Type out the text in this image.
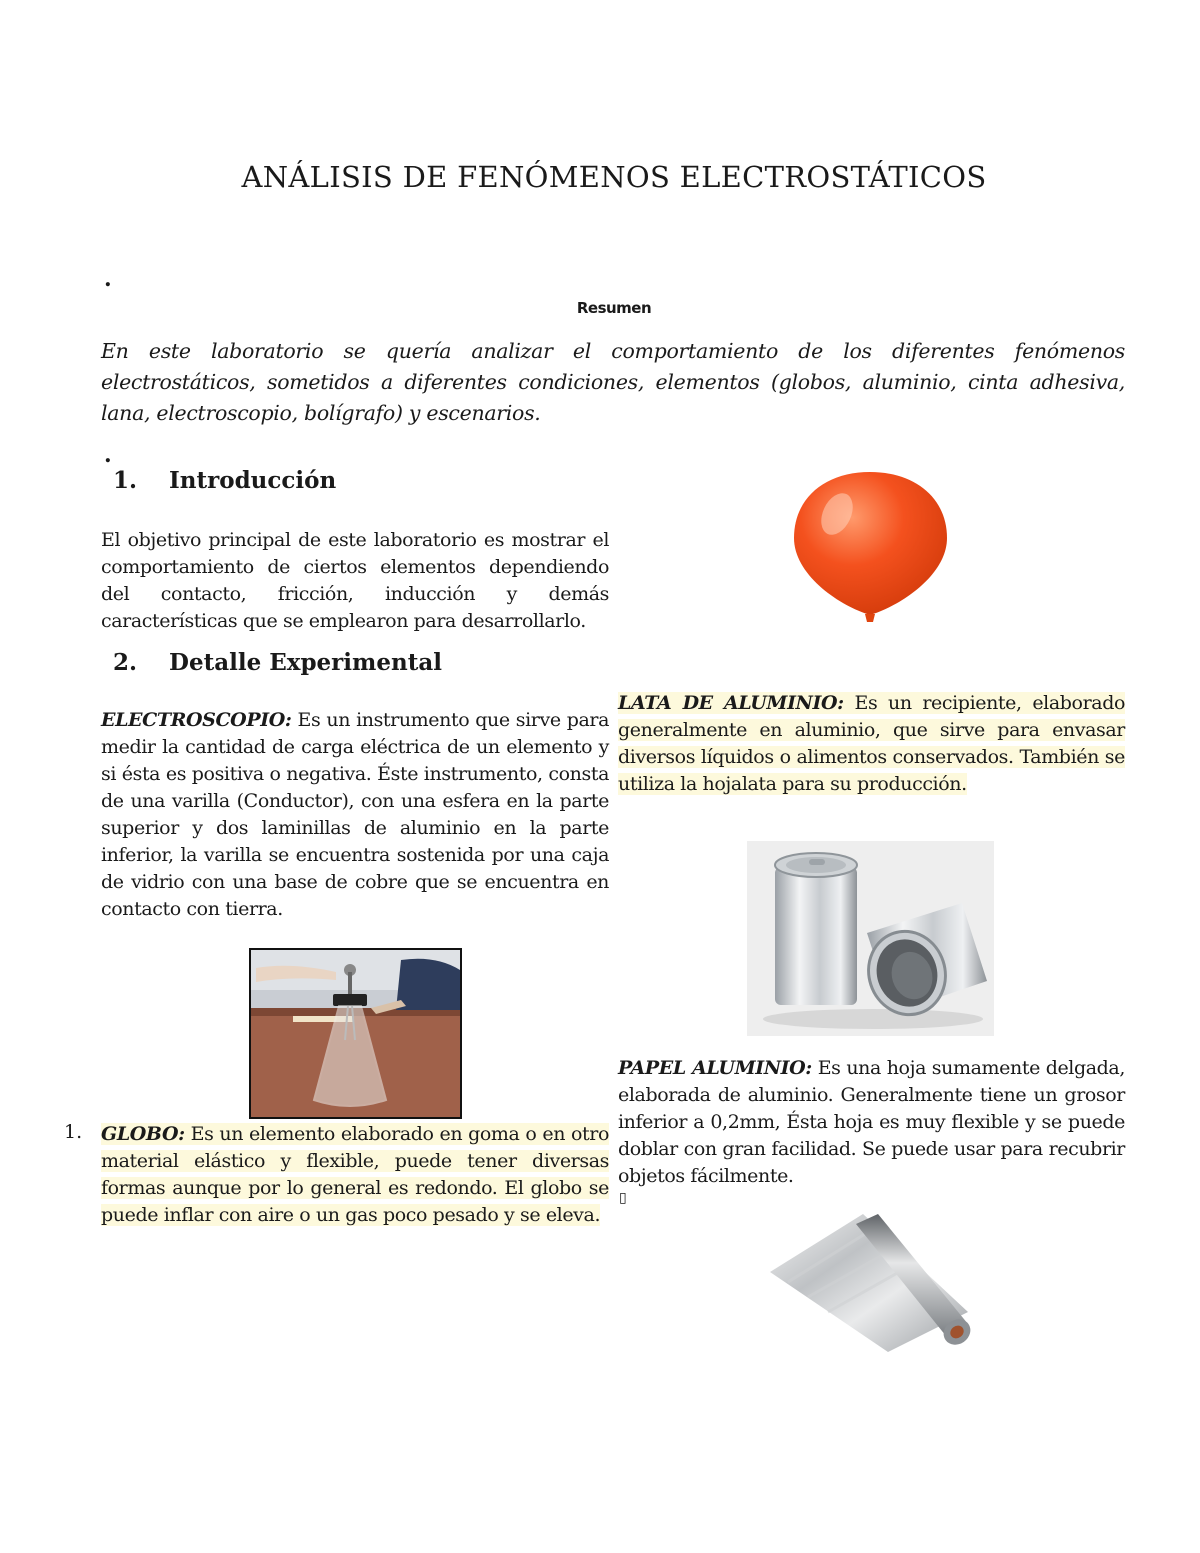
ANÁLISIS DE FENÓMENOS ELECTROSTÁTICOS
.
.
Resumen
En este laboratorio se quería analizar el comportamiento de los diferentes fenómenos electrostáticos, sometidos a diferentes condiciones, elementos (globos, aluminio, cinta adhesiva, lana, electroscopio, bolígrafo) y escenarios.
1. Introducción
El objetivo principal de este laboratorio es mostrar el comportamiento de ciertos elementos dependiendo del contacto, fricción, inducción y demás características que se emplearon para desarrollarlo.
2. Detalle Experimental
ELECTROSCOPIO: Es un instrumento que sirve para medir la cantidad de carga eléctrica de un elemento y si ésta es positiva o negativa. Éste instrumento, consta de una varilla (Conductor), con una esfera en la parte superior y dos laminillas de aluminio en la parte inferior, la varilla se encuentra sostenida por una caja de vidrio con una base de cobre que se encuentra en contacto con tierra.
1. GLOBO: Es un elemento elaborado en goma o en otro material elástico y flexible, puede tener diversas formas aunque por lo general es redondo. El globo se puede inflar con aire o un gas poco pesado y se eleva.
LATA DE ALUMINIO: Es un recipiente, elaborado generalmente en aluminio, que sirve para envasar diversos líquidos o alimentos conservados. También se utiliza la hojalata para su producción.
PAPEL ALUMINIO: Es una hoja sumamente delgada, elaborada de aluminio. Generalmente tiene un grosor inferior a 0,2mm, Ésta hoja es muy flexible y se puede doblar con gran facilidad. Se puede usar para recubrir objetos fácilmente.
▯
